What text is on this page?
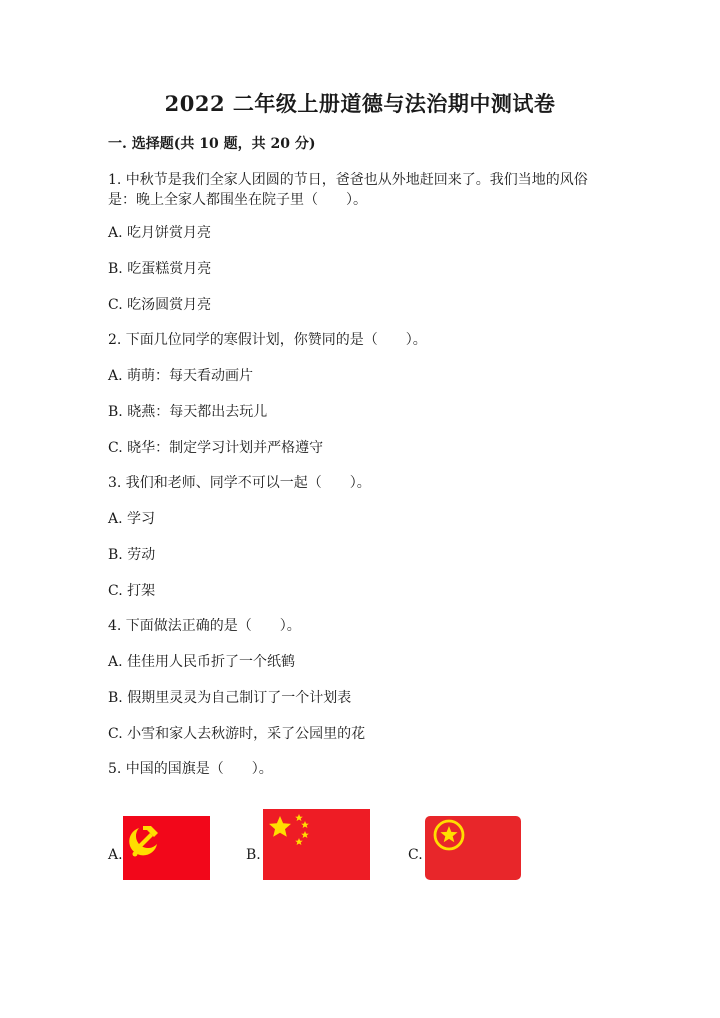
2022 二年级上册道德与法治期中测试卷
一. 选择题(共 10 题，共 20 分)
1. 中秋节是我们全家人团圆的节日，爸爸也从外地赶回来了。我们当地的风俗
是：晚上全家人都围坐在院子里（　　）。
A. 吃月饼赏月亮
B. 吃蛋糕赏月亮
C. 吃汤圆赏月亮
2. 下面几位同学的寒假计划，你赞同的是（　　）。
A. 萌萌：每天看动画片
B. 晓燕：每天都出去玩儿
C. 晓华：制定学习计划并严格遵守
3. 我们和老师、同学不可以一起（　　）。
A. 学习
B. 劳动
C. 打架
4. 下面做法正确的是（　　）。
A. 佳佳用人民币折了一个纸鹤
B. 假期里灵灵为自己制订了一个计划表
C. 小雪和家人去秋游时，采了公园里的花
5. 中国的国旗是（　　）。
A.	B.	C.
